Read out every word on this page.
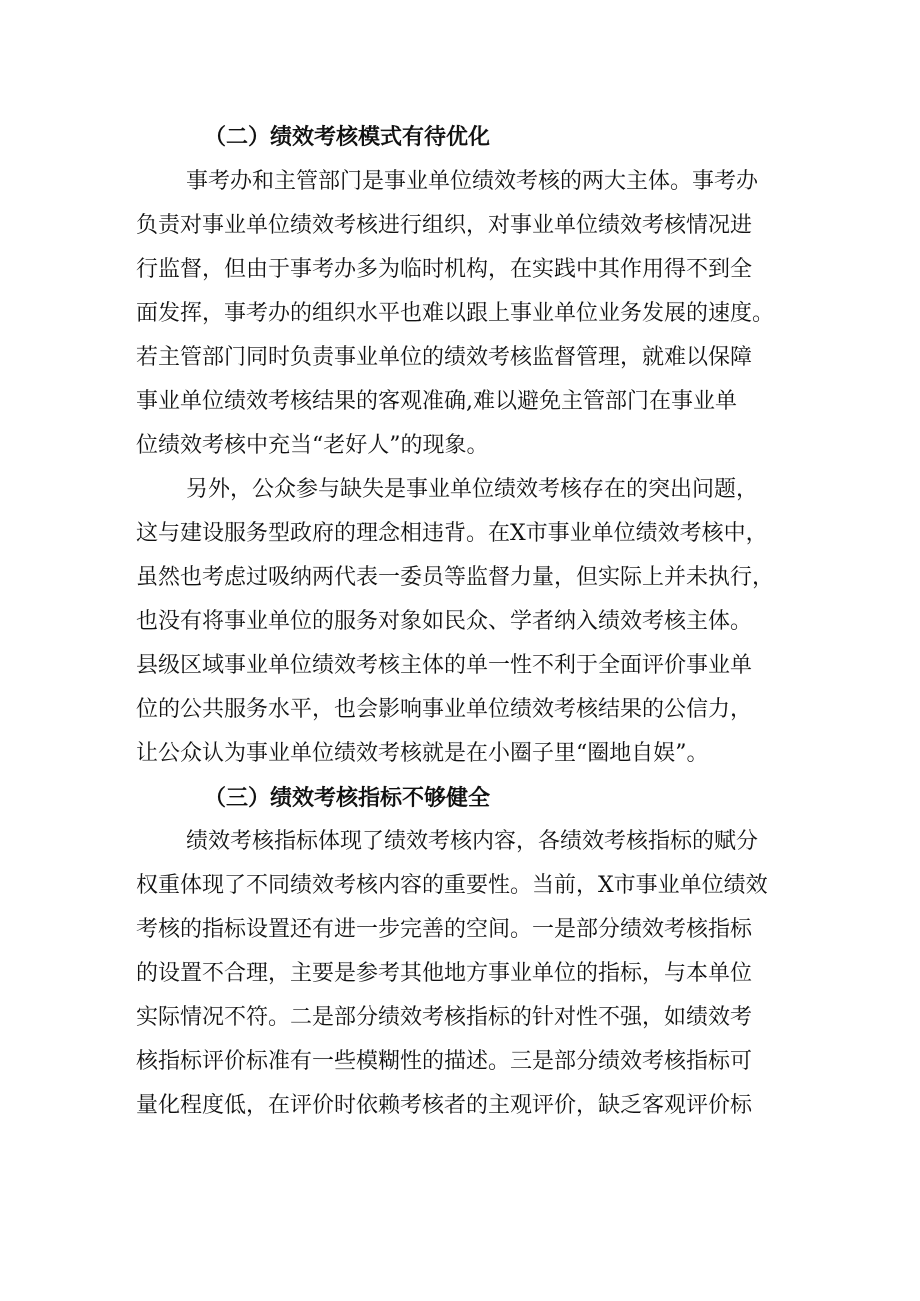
（二）绩效考核模式有待优化
事考办和主管部门是事业单位绩效考核的两大主体。事考办
负责对事业单位绩效考核进行组织，对事业单位绩效考核情况进
行监督，但由于事考办多为临时机构，在实践中其作用得不到全
面发挥，事考办的组织水平也难以跟上事业单位业务发展的速度。
若主管部门同时负责事业单位的绩效考核监督管理，就难以保障
事业单位绩效考核结果的客观准确,难以避免主管部门在事业单
位绩效考核中充当“老好人”的现象。
另外，公众参与缺失是事业单位绩效考核存在的突出问题，
这与建设服务型政府的理念相违背。在X市事业单位绩效考核中，
虽然也考虑过吸纳两代表一委员等监督力量，但实际上并未执行，
也没有将事业单位的服务对象如民众、学者纳入绩效考核主体。
县级区域事业单位绩效考核主体的单一性不利于全面评价事业单
位的公共服务水平，也会影响事业单位绩效考核结果的公信力，
让公众认为事业单位绩效考核就是在小圈子里“圈地自娱”。
（三）绩效考核指标不够健全
绩效考核指标体现了绩效考核内容，各绩效考核指标的赋分
权重体现了不同绩效考核内容的重要性。当前，X市事业单位绩效
考核的指标设置还有进一步完善的空间。一是部分绩效考核指标
的设置不合理，主要是参考其他地方事业单位的指标，与本单位
实际情况不符。二是部分绩效考核指标的针对性不强，如绩效考
核指标评价标准有一些模糊性的描述。三是部分绩效考核指标可
量化程度低，在评价时依赖考核者的主观评价，缺乏客观评价标
